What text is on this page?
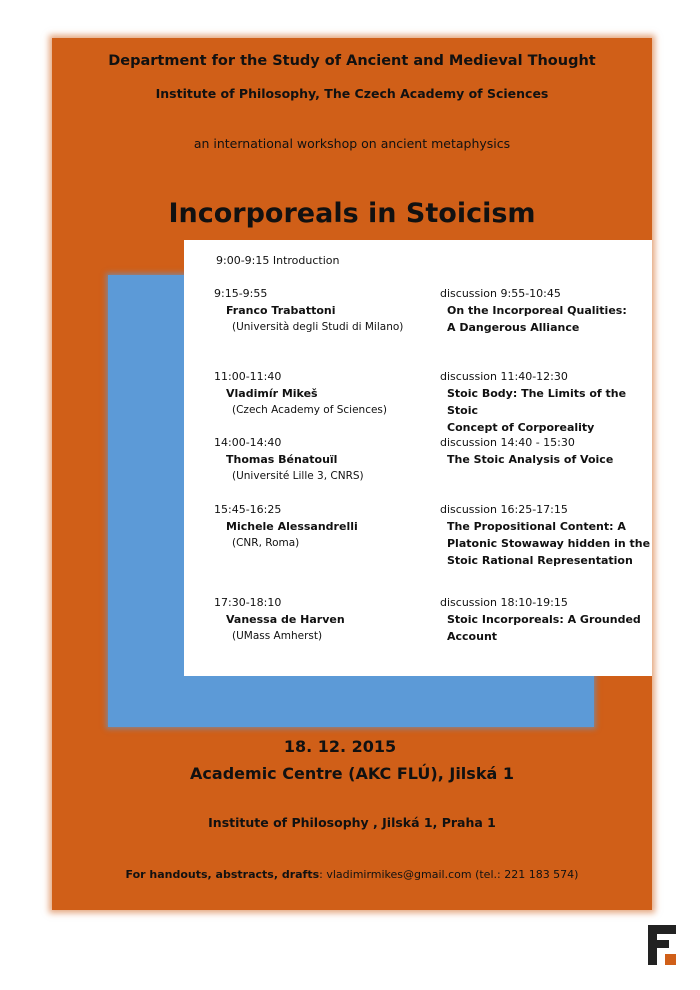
Department for the Study of Ancient and Medieval Thought
Institute of Philosophy, The Czech Academy of Sciences
an international workshop on ancient metaphysics
Incorporeals in Stoicism
9:00-9:15 Introduction
9:15-9:55
Franco Trabattoni
(Università degli Studi di Milano)
discussion 9:55-10:45
On the Incorporeal Qualities:
A Dangerous Alliance
11:00-11:40
Vladimír Mikeš
(Czech Academy of Sciences)
discussion 11:40-12:30
Stoic Body: The Limits of the Stoic
Concept of Corporeality
14:00-14:40
Thomas Bénatouïl
(Université Lille 3, CNRS)
discussion 14:40 - 15:30
The Stoic Analysis of Voice
15:45-16:25
Michele Alessandrelli
(CNR, Roma)
discussion 16:25-17:15
The Propositional Content: A
Platonic Stowaway hidden in the
Stoic Rational Representation
17:30-18:10
Vanessa de Harven
(UMass Amherst)
discussion 18:10-19:15
Stoic Incorporeals: A Grounded
Account
18. 12. 2015
Academic Centre (AKC FLÚ), Jilská 1
Institute of Philosophy , Jilská 1, Praha 1
For handouts, abstracts, drafts: vladimirmikes@gmail.com (tel.: 221 183 574)
